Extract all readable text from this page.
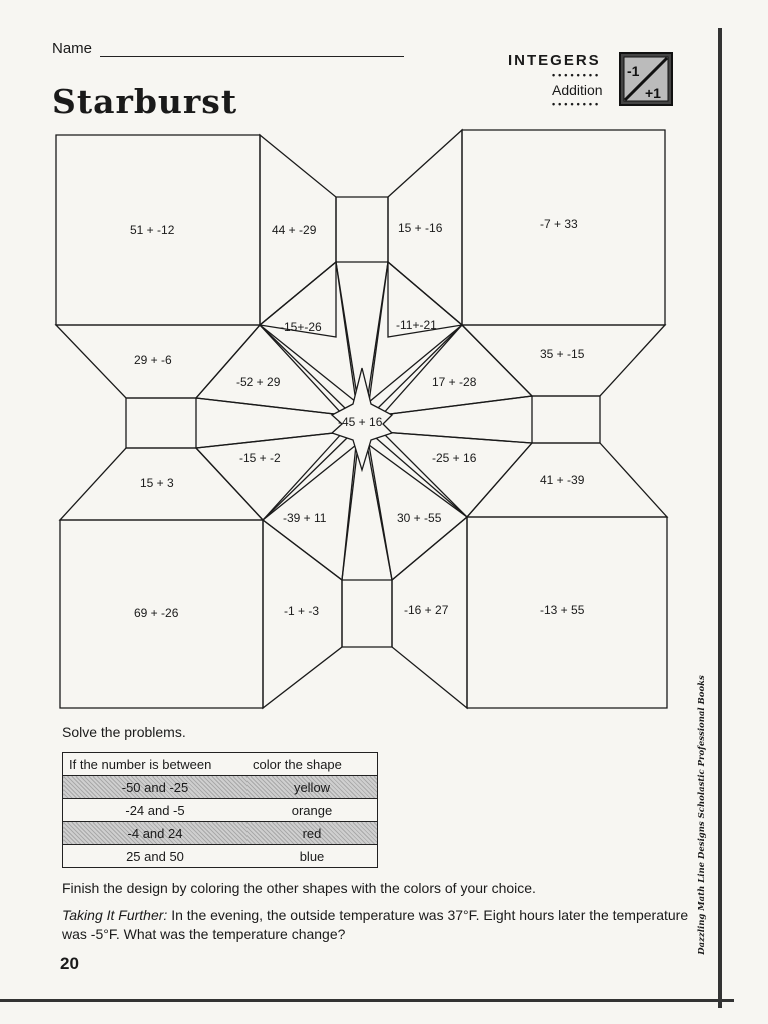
Name
Starburst
INTEGERS
••••••••
Addition
••••••••
-1
+1
51 + -12	44 + -29	15 + -16	-7 + 33
-15+-26	-11+-21
29 + -6	35 + -15
-52 + 29	17 + -28
-45 + 16
-15 + -2	-25 + 16
15 + 3	41 + -39
-39 + 11	30 + -55
69 + -26	-1 + -3	-16 + 27	-13 + 55
Dazzling Math Line Designs Scholastic Professional Books
Solve the problems.
If the number is between	color the shape
-50 and -25	yellow
-24 and -5	orange
-4 and 24	red
25 and 50	blue
Finish the design by coloring the other shapes with the colors of your choice.
Taking It Further: In the evening, the outside temperature was 37°F. Eight hours later the temperature was -5°F. What was the temperature change?
20
